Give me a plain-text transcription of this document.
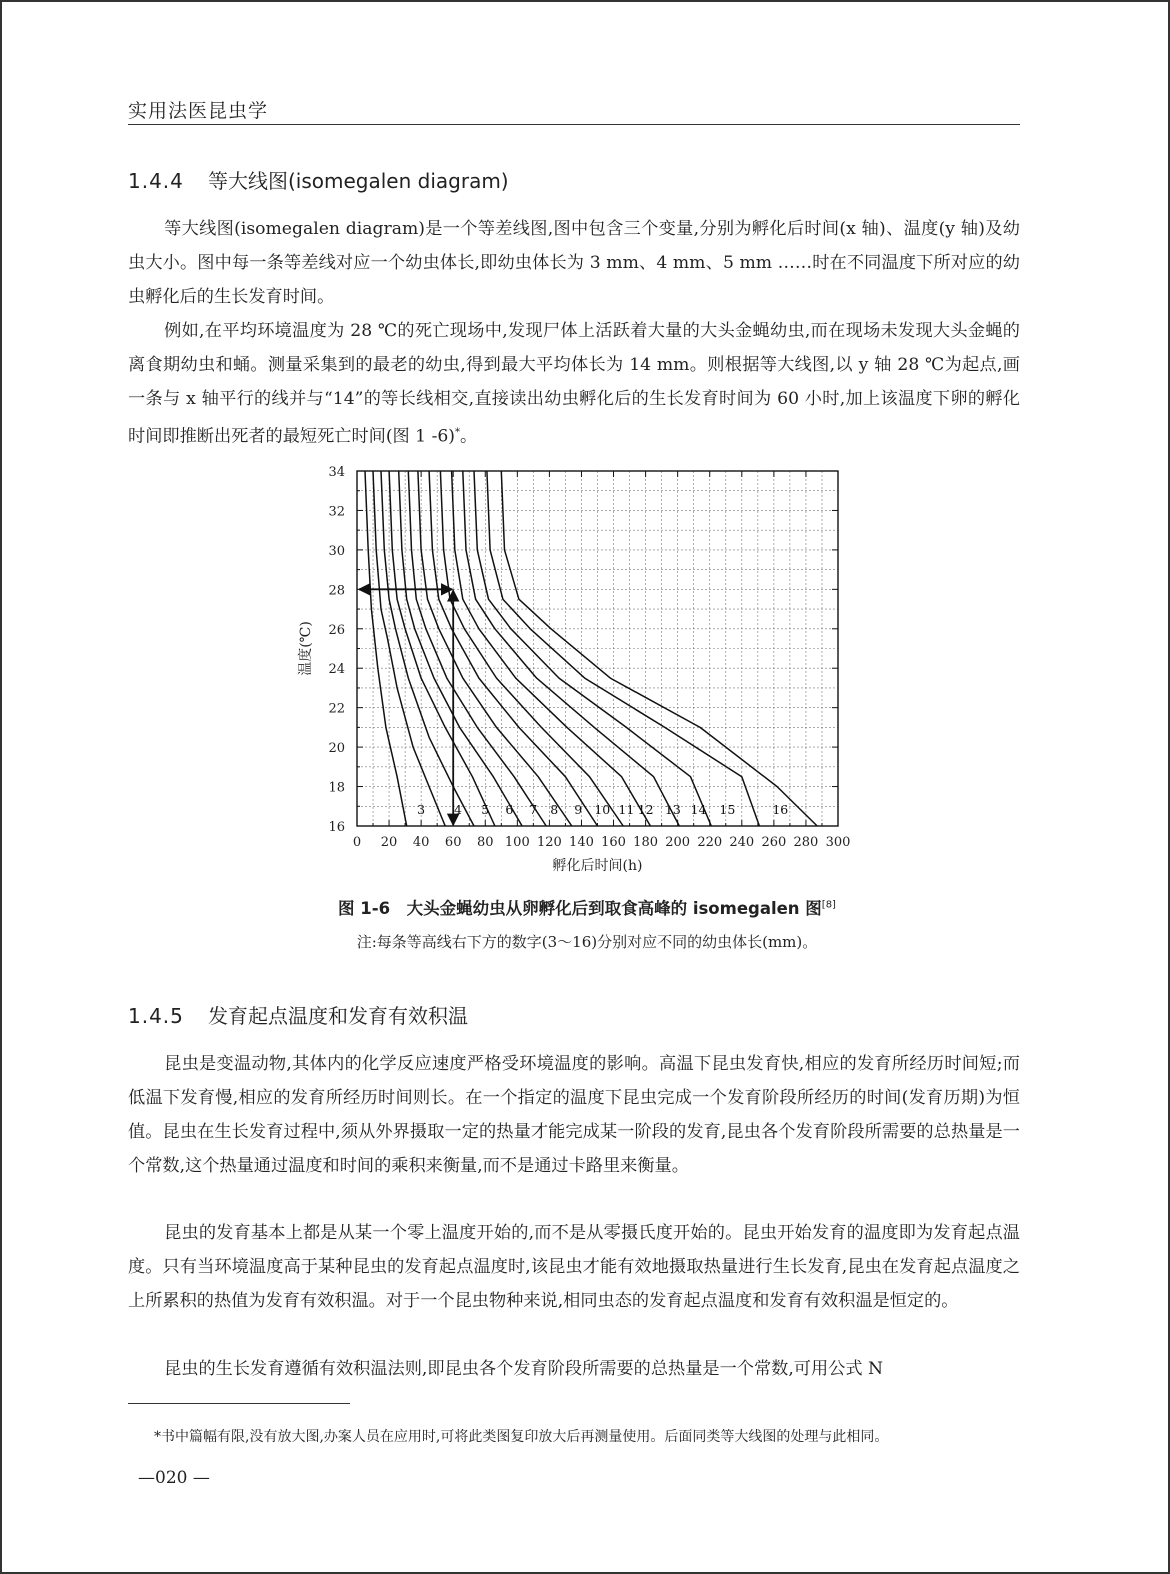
实用法医昆虫学
1.4.4 等大线图(isomegalen diagram)

等大线图(isomegalen diagram)是一个等差线图,图中包含三个变量,分别为孵化后时间(x 轴)、温度(y 轴)及幼虫大小。图中每一条等差线对应一个幼虫体长,即幼虫体长为 3 mm、4 mm、5 mm ……时在不同温度下所对应的幼虫孵化后的生长发育时间。

例如,在平均环境温度为 28 ℃的死亡现场中,发现尸体上活跃着大量的大头金蝇幼虫,而在现场未发现大头金蝇的离食期幼虫和蛹。测量采集到的最老的幼虫,得到最大平均体长为 14 mm。则根据等大线图,以 y 轴 28 ℃为起点,画一条与 x 轴平行的线并与“14”的等长线相交,直接读出幼虫孵化后的生长发育时间为 60 小时,加上该温度下卵的孵化时间即推断出死者的最短死亡时间(图 1 -6)*。

0 20 40 60 80 100 120 140 160 180 200 220 240 260 280 300
16
18
20
22
24
26
28
30
32
34
孵化后时间(h)
温度(℃)
3 4 5 6 7 8 9 10 11 12 13 14 15	16
图 1-6　大头金蝇幼虫从卵孵化后到取食高峰的 isomegalen 图[8]
注:每条等高线右下方的数字(3～16)分别对应不同的幼虫体长(mm)。
1.4.5 发育起点温度和发育有效积温

昆虫是变温动物,其体内的化学反应速度严格受环境温度的影响。高温下昆虫发育快,相应的发育所经历时间短;而低温下发育慢,相应的发育所经历时间则长。在一个指定的温度下昆虫完成一个发育阶段所经历的时间(发育历期)为恒值。昆虫在生长发育过程中,须从外界摄取一定的热量才能完成某一阶段的发育,昆虫各个发育阶段所需要的总热量是一个常数,这个热量通过温度和时间的乘积来衡量,而不是通过卡路里来衡量。

昆虫的发育基本上都是从某一个零上温度开始的,而不是从零摄氏度开始的。昆虫开始发育的温度即为发育起点温度。只有当环境温度高于某种昆虫的发育起点温度时,该昆虫才能有效地摄取热量进行生长发育,昆虫在发育起点温度之上所累积的热值为发育有效积温。对于一个昆虫物种来说,相同虫态的发育起点温度和发育有效积温是恒定的。

昆虫的生长发育遵循有效积温法则,即昆虫各个发育阶段所需要的总热量是一个常数,可用公式 N

*书中篇幅有限,没有放大图,办案人员在应用时,可将此类图复印放大后再测量使用。后面同类等大线图的处理与此相同。
—020 —
